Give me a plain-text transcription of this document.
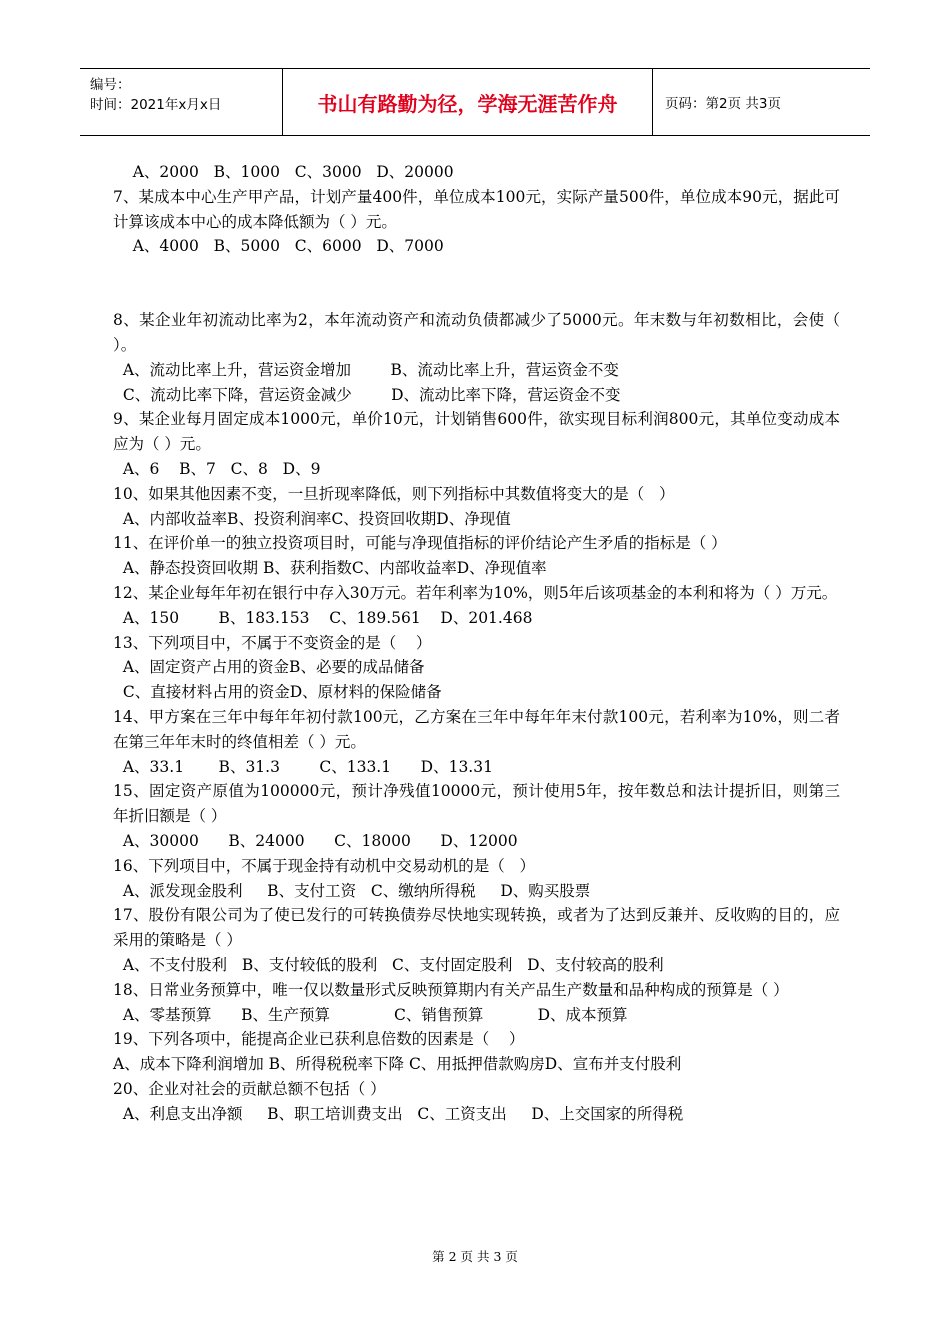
编号：
时间：2021年x月x日	书山有路勤为径，学海无涯苦作舟	页码：第2页 共3页
A、2000   B、1000   C、3000   D、20000
7、某成本中心生产甲产品，计划产量400件，单位成本100元，实际产量500件，单位成本90元，据此可计算该成本中心的成本降低额为（ ）元。
A、4000   B、5000   C、6000   D、7000
8、某企业年初流动比率为2，本年流动资产和流动负债都减少了5000元。年末数与年初数相比，会使（ ）。
A、流动比率上升，营运资金增加        B、流动比率上升，营运资金不变
C、流动比率下降，营运资金减少        D、流动比率下降，营运资金不变
9、某企业每月固定成本1000元，单价10元，计划销售600件，欲实现目标利润800元，其单位变动成本应为（ ）元。
A、6    B、7   C、8   D、9
10、如果其他因素不变，一旦折现率降低，则下列指标中其数值将变大的是（   ）
A、内部收益率B、投资利润率C、投资回收期D、净现值
11、在评价单一的独立投资项目时，可能与净现值指标的评价结论产生矛盾的指标是（ ）
A、静态投资回收期 B、获利指数C、内部收益率D、净现值率
12、某企业每年年初在银行中存入30万元。若年利率为10%，则5年后该项基金的本利和将为（ ）万元。
A、150        B、183.153    C、189.561    D、201.468
13、下列项目中，不属于不变资金的是（    ）
A、固定资产占用的资金B、必要的成品储备
C、直接材料占用的资金D、原材料的保险储备
14、甲方案在三年中每年年初付款100元，乙方案在三年中每年年末付款100元，若利率为10%，则二者在第三年年末时的终值相差（ ）元。
A、33.1       B、31.3        C、133.1      D、13.31
15、固定资产原值为100000元，预计净残值10000元，预计使用5年，按年数总和法计提折旧，则第三年折旧额是（ ）
A、30000      B、24000      C、18000      D、12000
16、下列项目中，不属于现金持有动机中交易动机的是（   ）
A、派发现金股利     B、支付工资   C、缴纳所得税     D、购买股票
17、股份有限公司为了使已发行的可转换债券尽快地实现转换，或者为了达到反兼并、反收购的目的，应采用的策略是（ ）
A、不支付股利   B、支付较低的股利   C、支付固定股利   D、支付较高的股利
18、日常业务预算中，唯一仅以数量形式反映预算期内有关产品生产数量和品种构成的预算是（ ）
A、零基预算      B、生产预算             C、销售预算           D、成本预算
19、下列各项中，能提高企业已获利息倍数的因素是（    ）
A、成本下降利润增加 B、所得税税率下降 C、用抵押借款购房D、宣布并支付股利
20、企业对社会的贡献总额不包括（ ）
A、利息支出净额     B、职工培训费支出   C、工资支出     D、上交国家的所得税
第 2 页 共 3 页
